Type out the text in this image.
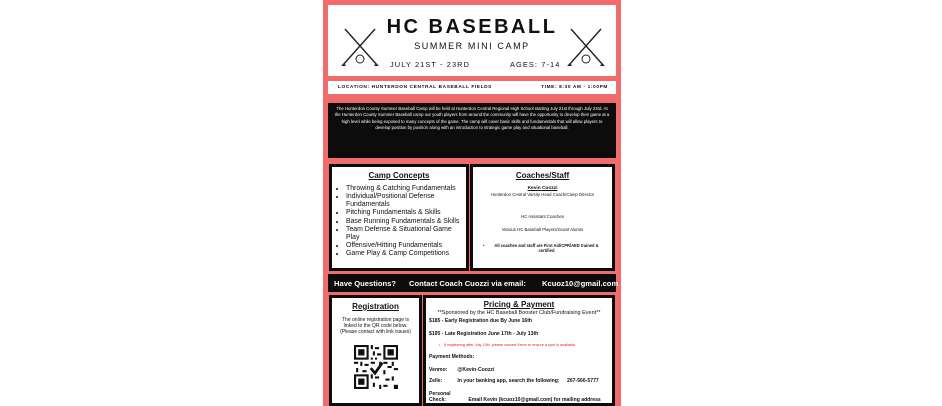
HC BASEBALL
SUMMER MINI CAMP
JULY 21ST - 23RD	AGES: 7-14
LOCATION: HUNTERDON CENTRAL BASEBALL FIELDS	TIME: 8:30 AM - 1:00PM
The Hunterdon County Summer Baseball Camp will be held at Hunterdon Central Regional High School starting July 21st through July 23rd. At the Hunterdon County Summer Baseball camp our youth players from around the community will have the opportunity to develop their game at a high level while being exposed to many concepts of the game. The camp will cover basic skills and fundamentals that will allow players to develop position by position along with an introduction to strategic game play and situational baseball.
Camp Concepts
• Throwing & Catching Fundamentals
• Individual/Positional Defense Fundamentals
• Pitching Fundamentals & Skills
• Base Running Fundamentals & Skills
• Team Defense & Situational Game Play
• Offensive/Hitting Fundamentals
• Game Play & Camp Competitions
Coaches/Staff
Kevin Cuozzi
Hunterdon Central Varsity Head Coach/Camp Director
HC Assistant Coaches
Various HC Baseball Players/Guest Alumni
• All coaches and staff are First Aid/CPR/AED trained & certified
Have Questions? Contact Coach Cuozzi via email: Kcuoz10@gmail.com
Registration
The online registration page is linked to the QR code below. (Please contact with link issues)
Pricing & Payment
**Sponsored by the HC Baseball Booster Club/Fundraising Event**
$185 - Early Registration due By June 16th
$195 - Late Registration June 17th - July 13th
• If registering after July 13th, please contact Kevin to ensure a spot is available.
Payment Methods:
Venmo: @Kevin-Cuozzi
Zelle:	In your banking app, search the following: 267-566-5777
Personal Check:	Email Kevin (kcuoz10@gmail.com) for mailing address
